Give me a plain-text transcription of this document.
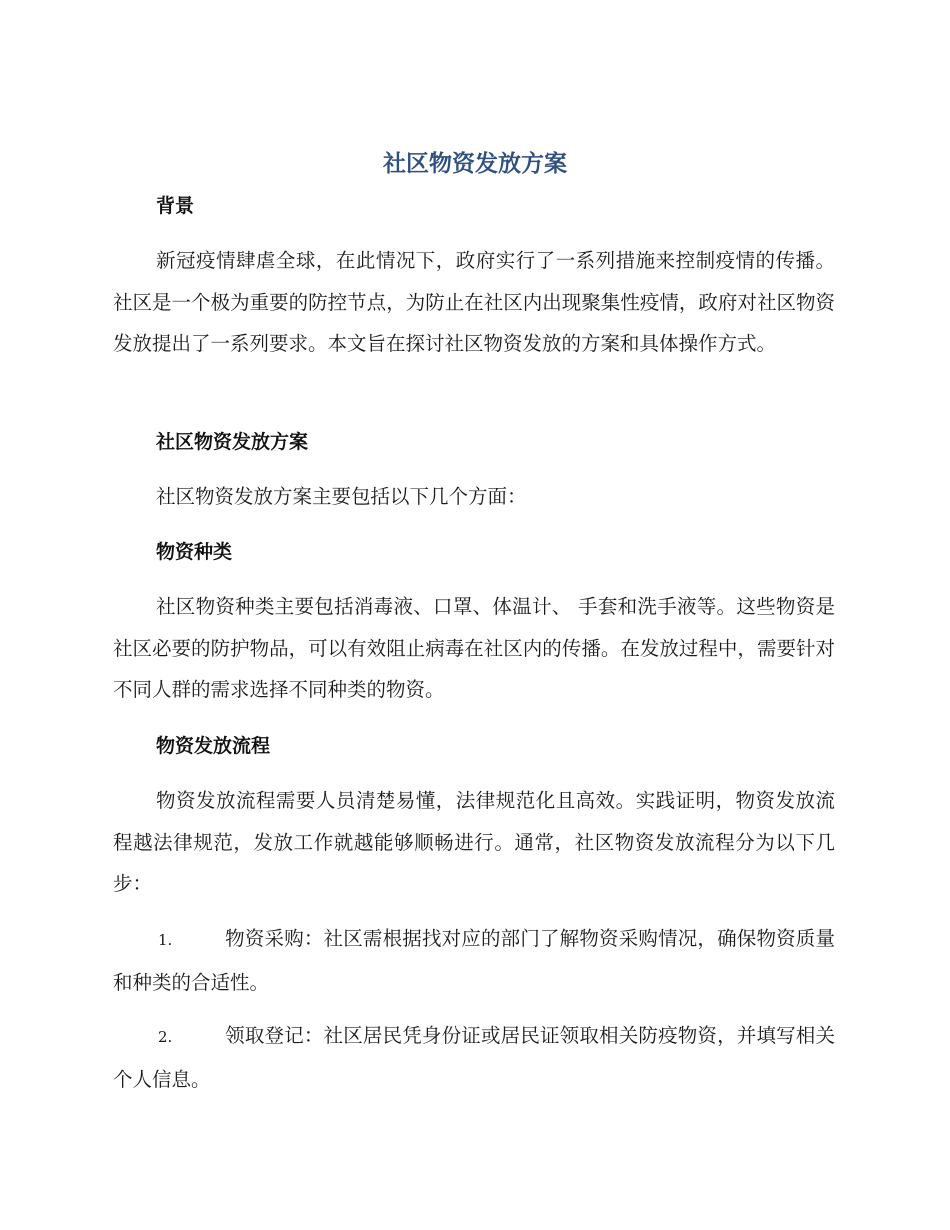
社区物资发放方案
背景

新冠疫情肆虐全球，在此情况下，政府实行了一系列措施来控制疫情的传播。社区是一个极为重要的防控节点，为防止在社区内出现聚集性疫情，政府对社区物资发放提出了一系列要求。本文旨在探讨社区物资发放的方案和具体操作方式。

社区物资发放方案

社区物资发放方案主要包括以下几个方面：

物资种类

社区物资种类主要包括消毒液、口罩、体温计、 手套和洗手液等。这些物资是社区必要的防护物品，可以有效阻止病毒在社区内的传播。在发放过程中，需要针对不同人群的需求选择不同种类的物资。

物资发放流程

物资发放流程需要人员清楚易懂，法律规范化且高效。实践证明，物资发放流程越法律规范，发放工作就越能够顺畅进行。通常，社区物资发放流程分为以下几步：

1.	物资采购：社区需根据找对应的部门了解物资采购情况，确保物资质量和种类的合适性。

2.	领取登记：社区居民凭身份证或居民证领取相关防疫物资，并填写相关个人信息。
